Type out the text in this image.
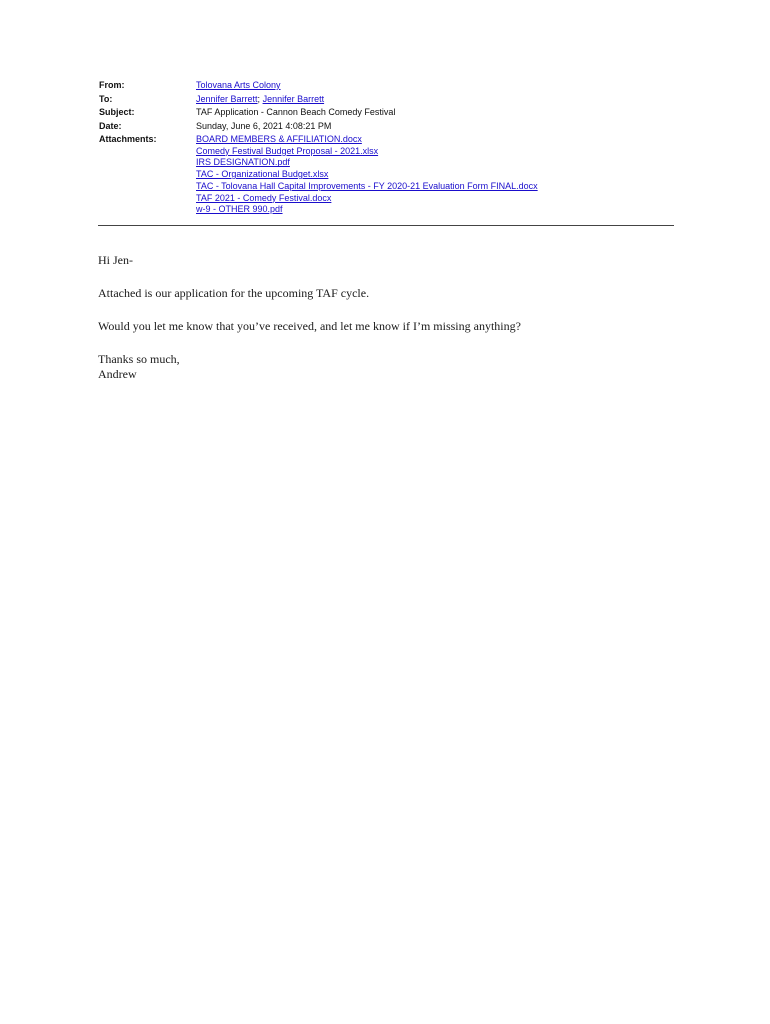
From:	Tolovana Arts Colony
To:	Jennifer Barrett; Jennifer Barrett
Subject:	TAF Application - Cannon Beach Comedy Festival
Date:	Sunday, June 6, 2021 4:08:21 PM
Attachments:	BOARD MEMBERS & AFFILIATION.docx
Comedy Festival Budget Proposal - 2021.xlsx
IRS DESIGNATION.pdf
TAC - Organizational Budget.xlsx
TAC - Tolovana Hall Capital Improvements - FY 2020-21 Evaluation Form FINAL.docx
TAF 2021 - Comedy Festival.docx
w-9 - OTHER 990.pdf

Hi Jen-

Attached is our application for the upcoming TAF cycle.

Would you let me know that you’ve received, and let me know if I’m missing anything?

Thanks so much,

Andrew
